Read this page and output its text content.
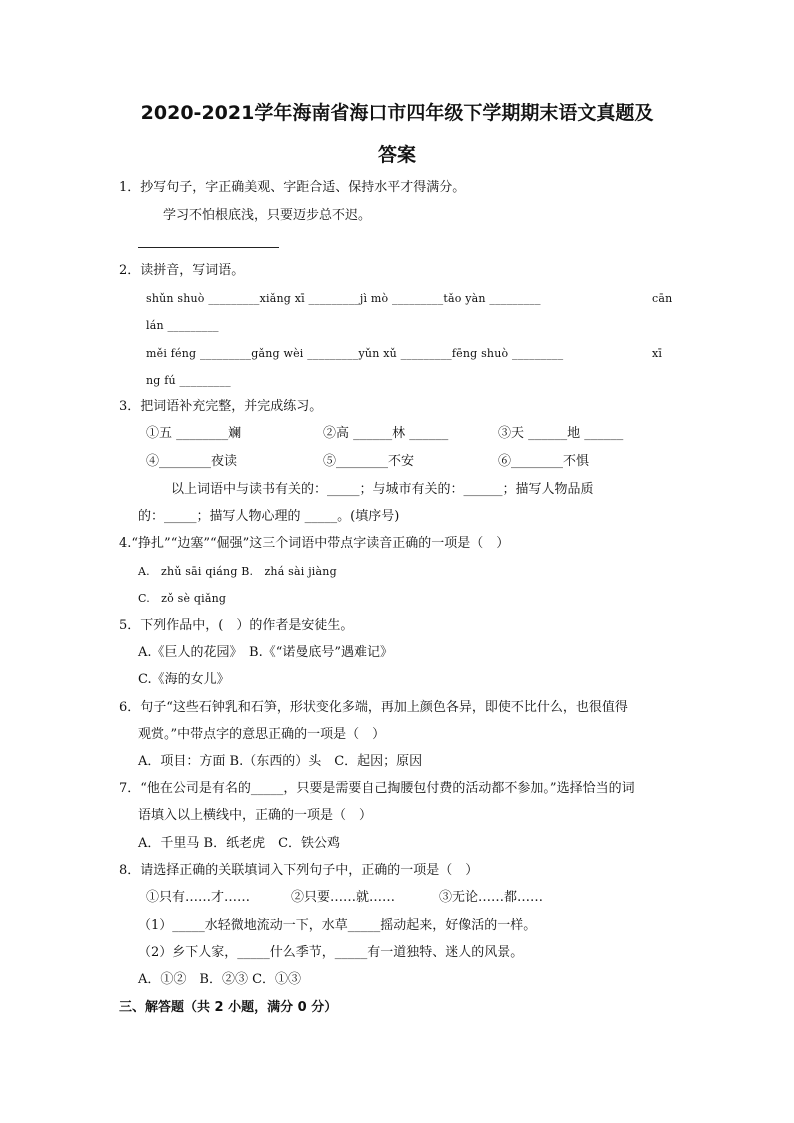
2020-2021学年海南省海口市四年级下学期期末语文真题及
答案
1．抄写句子，字正确美观、字距合适、保持水平才得满分。
学习不怕根底浅，只要迈步总不迟。
2．读拼音，写词语。
shǔn shuò _________xiǎng xī _________jì mò _________tǎo yàn _________	cān
lán _________
měi féng _________gǎng wèi _________yǔn xǔ _________fēng shuò _________	xī
ng fú _________
3．把词语补充完整，并完成练习。
①五 ________斓	②高 ______林 ______	③天 ______地 ______
④________夜读	⑤________不安	⑥________不惧
以上词语中与读书有关的：_____；与城市有关的：______；描写人物品质
的：_____；描写人物心理的 _____。(填序号)
4.“挣扎”“边塞”“倔强”这三个词语中带点字读音正确的一项是（　）
A.　zhǔ sāi qiáng B.　zhá sài jiàng
C.　zǒ sè qiǎng
5．下列作品中，(　）的作者是安徒生。
A.《巨人的花园》　B.《“诺曼底号”遇难记》
C.《海的女儿》
6．句子“这些石钟乳和石笋，形状变化多端，再加上颜色各异，即使不比什么，也很值得
观赏。”中带点字的意思正确的一项是（　）
A．项目：方面 B.（东西的）头　C．起因；原因
7．“他在公司是有名的_____，只要是需要自己掏腰包付费的活动都不参加。”选择恰当的词
语填入以上横线中，正确的一项是（　）
A．千里马 B．纸老虎　C．铁公鸡
8．请选择正确的关联填词入下列句子中，正确的一项是（　）
①只有……才……	②只要……就……	③无论……都……
（1）_____水轻微地流动一下，水草_____摇动起来，好像活的一样。
（2）乡下人家，_____什么季节，_____有一道独特、迷人的风景。
A．①②　B．②③ C．①③
三、解答题（共 2 小题，满分 0 分）
